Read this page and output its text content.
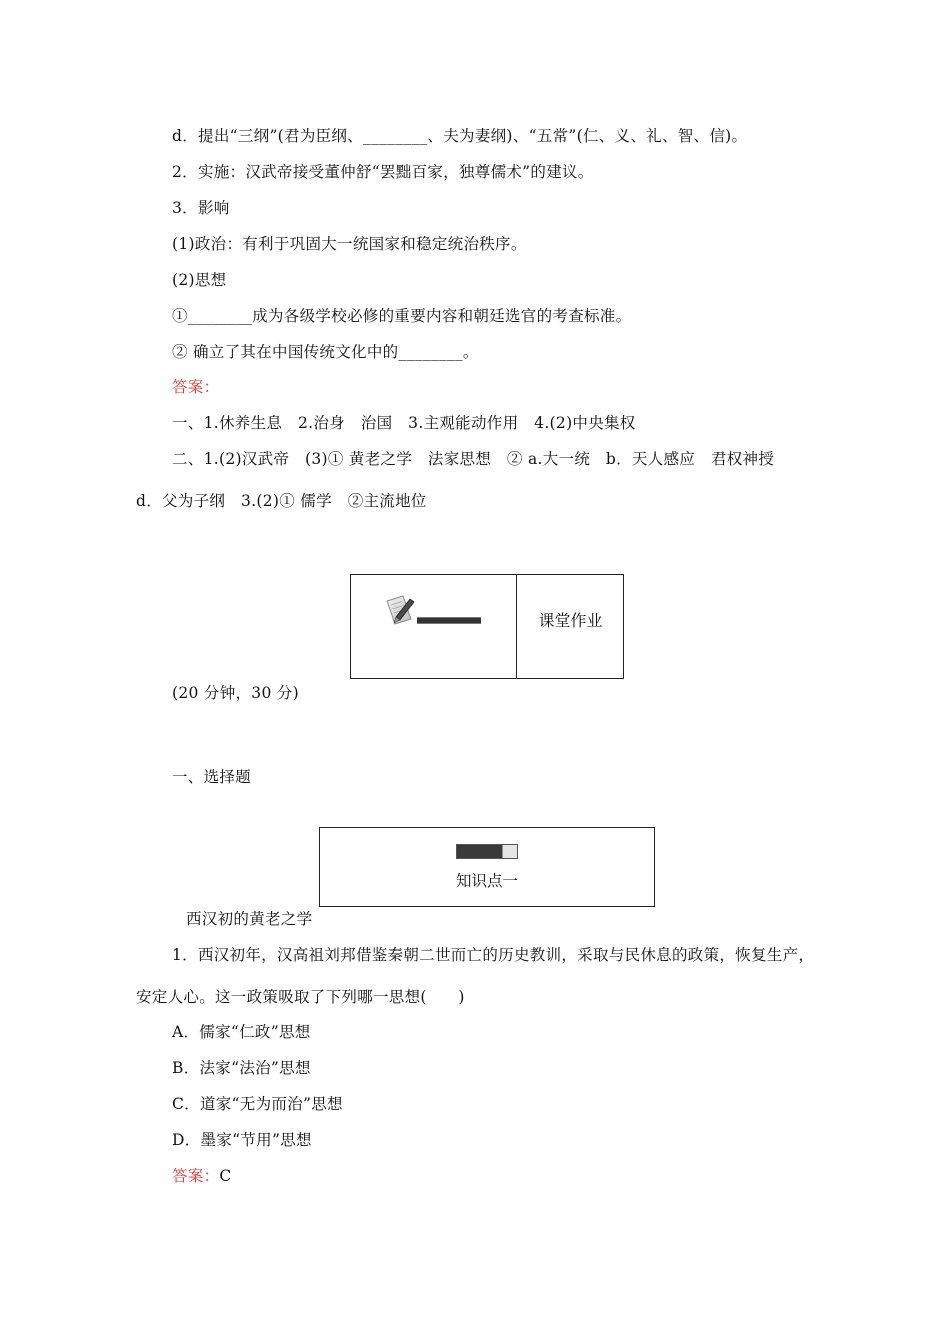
d．提出“三纲”(君为臣纲、________、夫为妻纲)、“五常”(仁、义、礼、智、信)。
2．实施：汉武帝接受董仲舒“罢黜百家，独尊儒术”的建议。
3．影响
(1)政治：有利于巩固大一统国家和稳定统治秩序。
(2)思想
①________成为各级学校必修的重要内容和朝廷选官的考查标准。
② 确立了其在中国传统文化中的________。
答案：
一、1.休养生息　2.治身　治国　3.主观能动作用　4.(2)中央集权
二、1.(2)汉武帝　(3)① 黄老之学　法家思想　② a.大一统　b．天人感应　君权神授
d．父为子纲　3.(2)① 儒学　②主流地位
课堂作业
(20 分钟，30 分)
一、选择题
知识点一
西汉初的黄老之学
1．西汉初年，汉高祖刘邦借鉴秦朝二世而亡的历史教训，采取与民休息的政策，恢复生产，
安定人心。这一政策吸取了下列哪一思想(　　)
A．儒家“仁政”思想
B．法家“法治”思想
C．道家“无为而治”思想
D．墨家“节用”思想
答案：C
